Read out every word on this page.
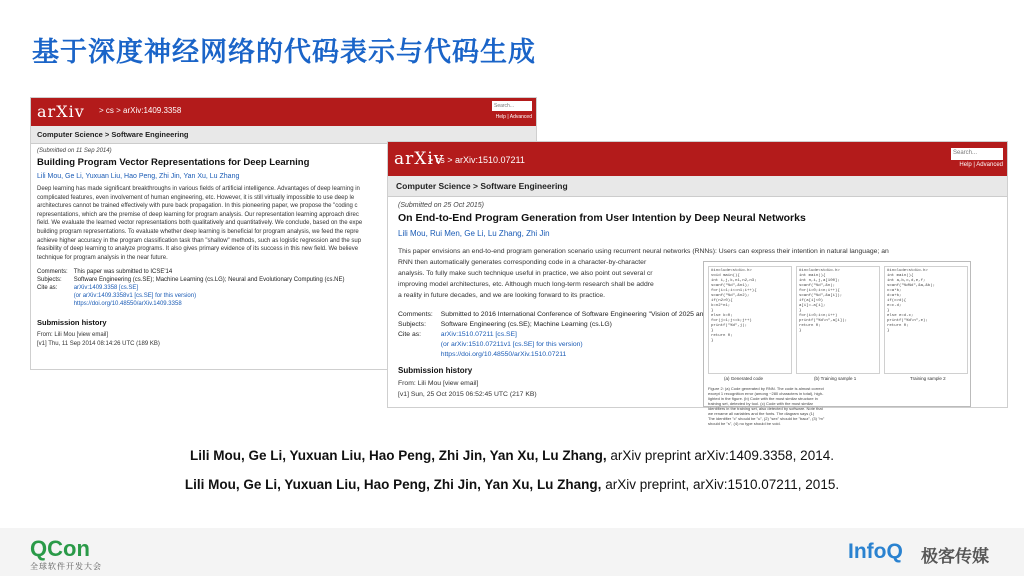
基于深度神经网络的代码表示与代码生成
arXiv > cs > arXiv:1409.3358	Search...
Help | Advanced
Computer Science > Software Engineering
(Submitted on 11 Sep 2014)
Building Program Vector Representations for Deep Learning
Lili Mou, Ge Li, Yuxuan Liu, Hao Peng, Zhi Jin, Yan Xu, Lu Zhang
Deep learning has made significant breakthroughs in various fields of artificial intelligence. Advantages of deep learning in
complicated features, even involvement of human engineering, etc. However, it is still virtually impossible to use deep le
architectures cannot be trained effectively with pure back propagation. In this pioneering paper, we propose the "coding c
representations, which are the premise of deep learning for program analysis. Our representation learning approach direc
field. We evaluate the learned vector representations both qualitatively and quantitatively. We conclude, based on the expe
building program representations. To evaluate whether deep learning is beneficial for program analysis, we feed the repre
achieve higher accuracy in the program classification task than "shallow" methods, such as logistic regression and the sup
feasibility of deep learning to analyze programs. It also gives primary evidence of its success in this new field. We believe
technique for program analysis in the near future.
Comments:	This paper was submitted to ICSE'14
Subjects:	Software Engineering (cs.SE); Machine Learning (cs.LG); Neural and Evolutionary Computing (cs.NE)
Cite as:	arXiv:1409.3358 [cs.SE]
	(or arXiv:1409.3358v1 [cs.SE] for this version)
	https://doi.org/10.48550/arXiv.1409.3358
Submission history
From: Lili Mou [view email]
[v1] Thu, 11 Sep 2014 08:14:26 UTC (189 KB)
arXiv
> cs > arXiv:1510.07211
Search...
Help | Advanced
Computer Science > Software Engineering
(Submitted on 25 Oct 2015)
On End-to-End Program Generation from User Intention by Deep Neural Networks
Lili Mou, Rui Men, Ge Li, Lu Zhang, Zhi Jin
This paper envisions an end-to-end program generation scenario using recurrent neural networks (RNNs): Users can express their intention in natural language; an
RNN then automatically generates corresponding code in a character-by-character
analysis. To fully make such technique useful in practice, we also point out several cr
improving model architectures, etc. Although much long-term research shall be addre
a reality in future decades, and we are looking forward to its practice.
Comments:	Submitted to 2016 International Conference of Software Engineering "Vision of 2025 an
Subjects:	Software Engineering (cs.SE); Machine Learning (cs.LG)
Cite as:	arXiv:1510.07211 [cs.SE]
	(or arXiv:1510.07211v1 [cs.SE] for this version)
	https://doi.org/10.48550/arXiv.1510.07211
Submission history
From: Lili Mou [view email]
[v1] Sun, 25 Oct 2015 06:52:45 UTC (217 KB)
#include<stdio.h>
void main(){
int i,j,k,n1,n2,n3;
scanf("%d",&n1);
for(i=1;i<=n1;i++){
scanf("%d",&n2);
if(n2>0){
k=n2*n1;
}
else k=0;
for(j=1;j<=k;j++)
printf("%d",j);
}
return 0;
}
#include<stdio.h>
int main(){
int n,i,j,a[100];
scanf("%d",&n);
for(i=0;i<n;i++){
scanf("%d",&a[i]);
if(a[i]<0)
a[i]=-a[i];
}
for(i=0;i<n;i++)
printf("%d\n",a[i]);
return 0;
}
#include<stdio.h>
int main(){
int a,b,c,d,e,f;
scanf("%d%d",&a,&b);
c=a*b;
d=a+b;
if(c>d){
e=c-d;
}
else e=d-c;
printf("%d\n",e);
return 0;
}
(a) Generated code	(b) Training sample 1	Training sample 2
Figure 2: (a) Code generated by RNN. The code is almost correct
except 1 recognition error (among ~280 characters in total), high-
lighted in the figure. (b) Code with the most similar structure in
training set, detected by tool. (c) Code with the most similar
identifiers in the training set, also detected by software. Note that
we rename all variables and the fonts. The diagram says (1)
The identifier "c" should be "u", (2) "sex" should be "bacz", (3) "m"
should be "s", (4) no type should be void.
Lili Mou, Ge Li, Yuxuan Liu, Hao Peng, Zhi Jin, Yan Xu, Lu Zhang, arXiv preprint arXiv:1409.3358, 2014.
Lili Mou, Ge Li, Yuxuan Liu, Hao Peng, Zhi Jin, Yan Xu, Lu Zhang, arXiv preprint, arXiv:1510.07211, 2015.
QCon
全球软件开发大会
InfoQ 极客传媒
